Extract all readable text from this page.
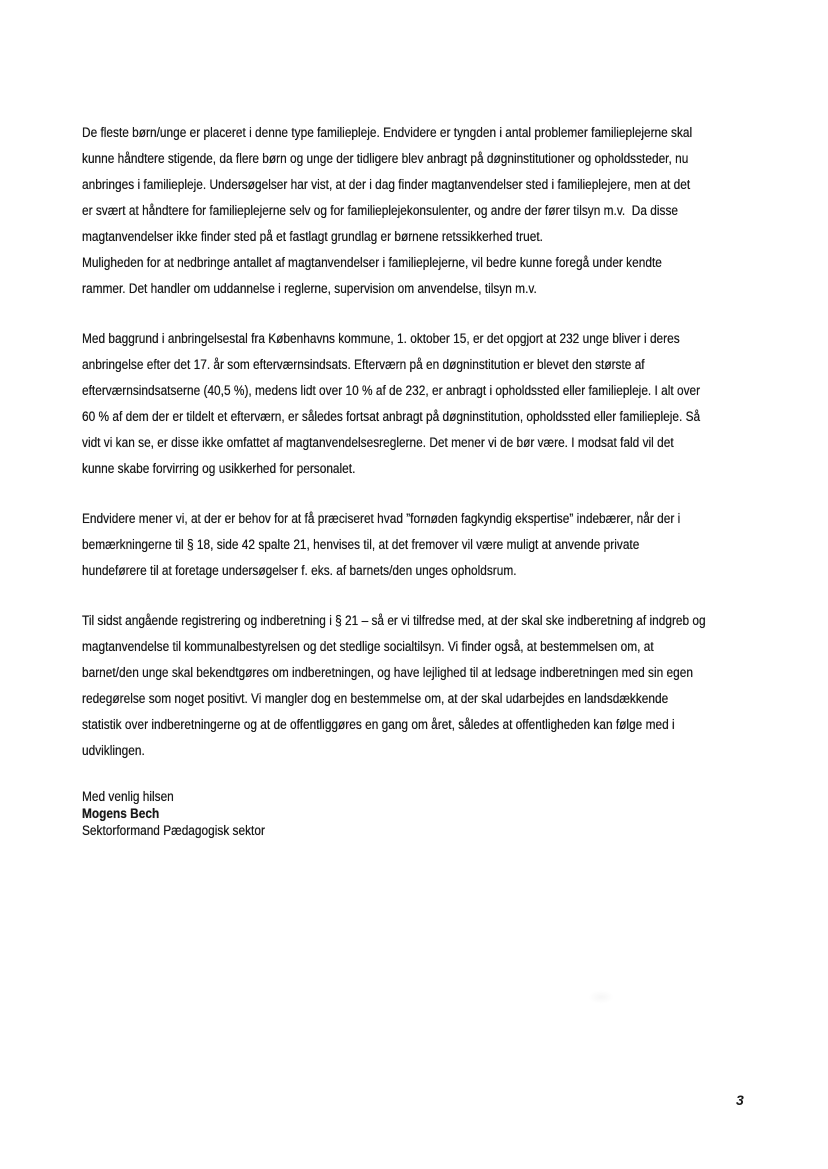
De fleste børn/unge er placeret i denne type familiepleje. Endvidere er tyngden i antal problemer familieplejerne skal
kunne håndtere stigende, da flere børn og unge der tidligere blev anbragt på døgninstitutioner og opholdssteder, nu
anbringes i familiepleje. Undersøgelser har vist, at der i dag finder magtanvendelser sted i familieplejere, men at det
er svært at håndtere for familieplejerne selv og for familieplejekonsulenter, og andre der fører tilsyn m.v.  Da disse
magtanvendelser ikke finder sted på et fastlagt grundlag er børnene retssikkerhed truet.
Muligheden for at nedbringe antallet af magtanvendelser i familieplejerne, vil bedre kunne foregå under kendte
rammer. Det handler om uddannelse i reglerne, supervision om anvendelse, tilsyn m.v.

Med baggrund i anbringelsestal fra Københavns kommune, 1. oktober 15, er det opgjort at 232 unge bliver i deres
anbringelse efter det 17. år som efterværnsindsats. Efterværn på en døgninstitution er blevet den største af
efterværnsindsatserne (40,5 %), medens lidt over 10 % af de 232, er anbragt i opholdssted eller familiepleje. I alt over
60 % af dem der er tildelt et efterværn, er således fortsat anbragt på døgninstitution, opholdssted eller familiepleje. Så
vidt vi kan se, er disse ikke omfattet af magtanvendelsesreglerne. Det mener vi de bør være. I modsat fald vil det
kunne skabe forvirring og usikkerhed for personalet.

Endvidere mener vi, at der er behov for at få præciseret hvad ”fornøden fagkyndig ekspertise” indebærer, når der i
bemærkningerne til § 18, side 42 spalte 21, henvises til, at det fremover vil være muligt at anvende private
hundeførere til at foretage undersøgelser f. eks. af barnets/den unges opholdsrum.

Til sidst angående registrering og indberetning i § 21 – så er vi tilfredse med, at der skal ske indberetning af indgreb og
magtanvendelse til kommunalbestyrelsen og det stedlige socialtilsyn. Vi finder også, at bestemmelsen om, at
barnet/den unge skal bekendtgøres om indberetningen, og have lejlighed til at ledsage indberetningen med sin egen
redegørelse som noget positivt. Vi mangler dog en bestemmelse om, at der skal udarbejdes en landsdækkende
statistik over indberetningerne og at de offentliggøres en gang om året, således at offentligheden kan følge med i
udviklingen.

Med venlig hilsen
Mogens Bech
Sektorformand Pædagogisk sektor
3
